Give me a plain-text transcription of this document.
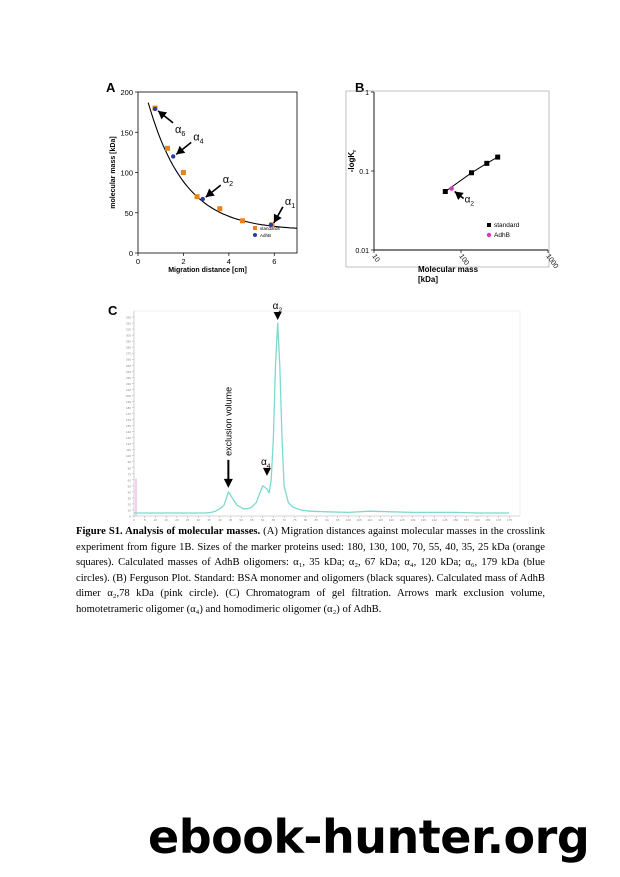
A	B
C
0
50
100
150
200
0	2	4	6
Migration distance [cm]
molecular mass [kDa]
$\alpha_6$ $\alpha_4$
$\alpha_2$
$\alpha_1$
standards
AdhB
0.01
0.1
1
10	100	1000
Molecular mass
[kDa]
-logK$_r$
$\alpha_2$
standard
AdhB
0
10
20
30
40
50
60
70
80
90
100
110
120
130
140
150
160
170
180
190
200
210
220
230
240
250
260
270
280
290
300
310
320
330
0	5	10 15 20 25 30 35 40 45 50 55 60 65 70 75 80 85 90 95 100 105 110 115 120 125 130 135 140 145 150 155 160 165 170 175
exclusion volume
$\alpha_4$
$\alpha_2$
Figure S1. Analysis of molecular masses. (A) Migration distances against molecular masses in the crosslink experiment from figure 1B. Sizes of the marker proteins used: 180, 130, 100, 70, 55, 40, 35, 25 kDa (orange squares). Calculated masses of AdhB oligomers: α₁, 35 kDa; α₂, 67 kDa; α₄, 120 kDa; α₆, 179 kDa (blue circles). (B) Ferguson Plot. Standard: BSA monomer and oligomers (black squares). Calculated mass of AdhB dimer α₂,78 kDa (pink circle). (C) Chromatogram of gel filtration. Arrows mark exclusion volume, homotetrameric oligomer (α₄) and homodimeric oligomer (α₂) of AdhB.
ebook-hunter.org
